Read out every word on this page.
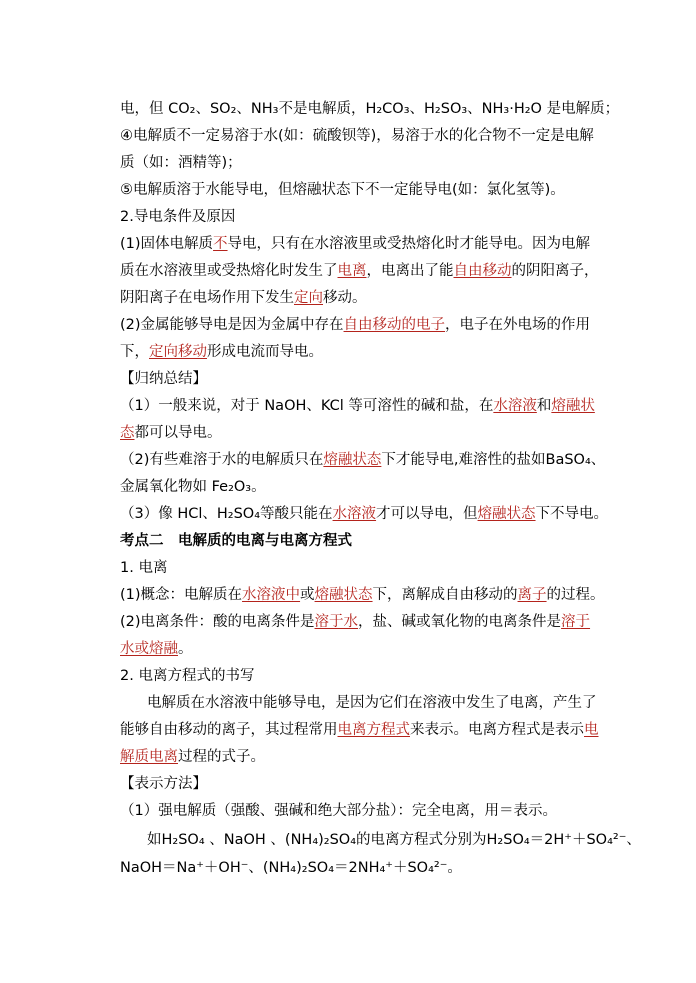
电，但 CO₂、SO₂、NH₃不是电解质，H₂CO₃、H₂SO₃、NH₃·H₂O 是电解质；
④电解质不一定易溶于水(如：硫酸钡等)，易溶于水的化合物不一定是电解
质（如：酒精等)；
⑤电解质溶于水能导电，但熔融状态下不一定能导电(如：氯化氢等)。
2.导电条件及原因
(1)固体电解质不导电，只有在水溶液里或受热熔化时才能导电。因为电解
质在水溶液里或受热熔化时发生了电离，电离出了能自由移动的阴阳离子，
阴阳离子在电场作用下发生定向移动。
(2)金属能够导电是因为金属中存在自由移动的电子，电子在外电场的作用
下，定向移动形成电流而导电。
【归纳总结】
（1）一般来说，对于 NaOH、KCl 等可溶性的碱和盐，在水溶液和熔融状
态都可以导电。
（2)有些难溶于水的电解质只在熔融状态下才能导电,难溶性的盐如BaSO₄、
金属氧化物如 Fe₂O₃。
（3）像 HCl、H₂SO₄等酸只能在水溶液才可以导电，但熔融状态下不导电。
考点二　电解质的电离与电离方程式
1. 电离
(1)概念：电解质在水溶液中或熔融状态下，离解成自由移动的离子的过程。
(2)电离条件：酸的电离条件是溶于水，盐、碱或氧化物的电离条件是溶于
水或熔融。
2. 电离方程式的书写
电解质在水溶液中能够导电，是因为它们在溶液中发生了电离，产生了
能够自由移动的离子，其过程常用电离方程式来表示。电离方程式是表示电
解质电离过程的式子。
【表示方法】
（1）强电解质（强酸、强碱和绝大部分盐）：完全电离，用＝表示。
如H₂SO₄ 、NaOH 、(NH₄)₂SO₄的电离方程式分别为H₂SO₄＝2H⁺＋SO₄²⁻、
NaOH＝Na⁺＋OH⁻、(NH₄)₂SO₄＝2NH₄⁺＋SO₄²⁻。
